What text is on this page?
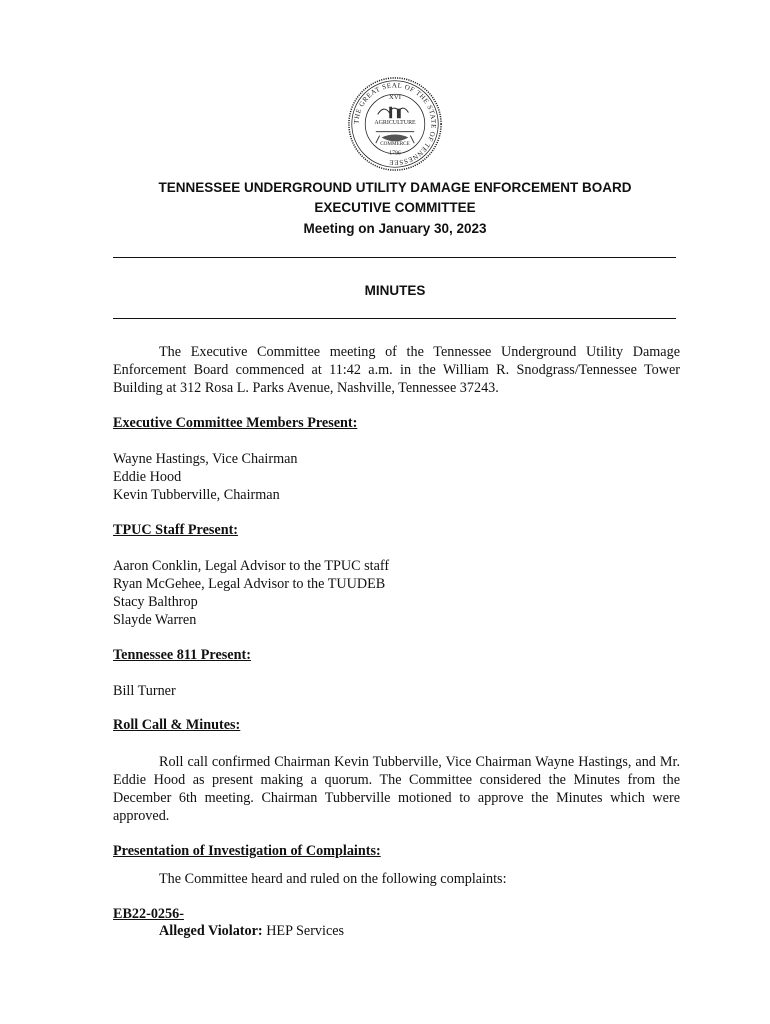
THE GREAT SEAL OF THE STATE OF TENNESSEE
XVI
AGRICULTURE
COMMERCE
1796
TENNESSEE UNDERGROUND UTILITY DAMAGE ENFORCEMENT BOARD
EXECUTIVE COMMITTEE
Meeting on January 30, 2023
MINUTES
The Executive Committee meeting of the Tennessee Underground Utility Damage Enforcement Board commenced at 11:42 a.m. in the William R. Snodgrass/Tennessee Tower Building at 312 Rosa L. Parks Avenue, Nashville, Tennessee 37243.
Executive Committee Members Present:
Wayne Hastings, Vice Chairman
Eddie Hood
Kevin Tubberville, Chairman
TPUC Staff Present:
Aaron Conklin, Legal Advisor to the TPUC staff
Ryan McGehee, Legal Advisor to the TUUDEB
Stacy Balthrop
Slayde Warren
Tennessee 811 Present:
Bill Turner
Roll Call & Minutes:
Roll call confirmed Chairman Kevin Tubberville, Vice Chairman Wayne Hastings, and Mr. Eddie Hood as present making a quorum. The Committee considered the Minutes from the December 6th meeting. Chairman Tubberville motioned to approve the Minutes which were approved.
Presentation of Investigation of Complaints:
The Committee heard and ruled on the following complaints:
EB22-0256-
Alleged Violator: HEP Services
